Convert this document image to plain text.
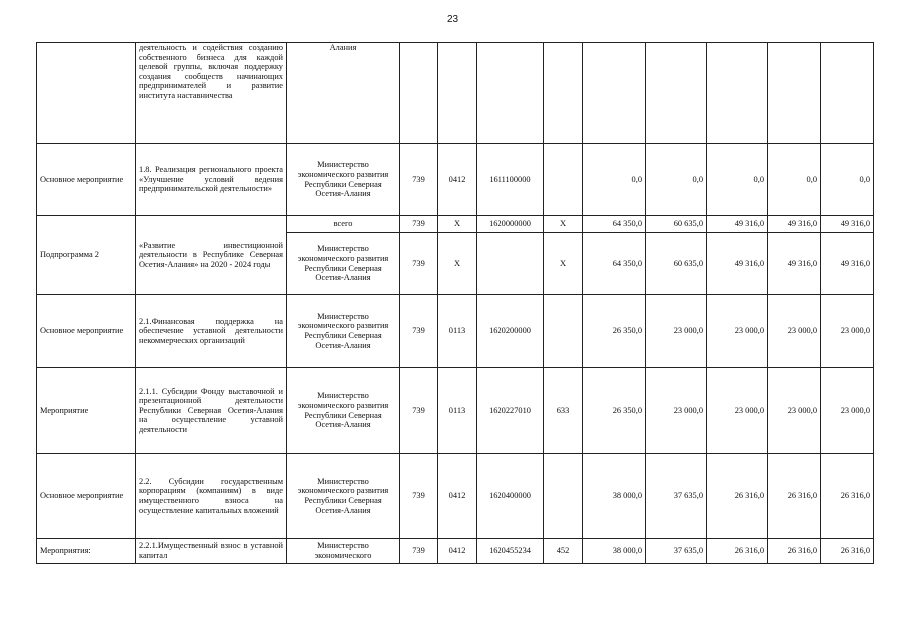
23
	деятельность и содействия созданию собственного бизнеса для каждой целевой группы, включая поддержку создания сообществ начинающих предпринимателей и развитие института наставничества	Алания									
Основное мероприятие	1.8. Реализация регионального проекта «Улучшение условий ведения предпринимательской деятельности»	Министерство экономического развития Республики Северная Осетия-Алания	739	0412	1611100000		0,0	0,0	0,0	0,0	0,0
Подпрограмма 2	«Развитие инвестиционной деятельности в Республике Северная Осетия-Алания» на 2020 - 2024 годы	всего	739	Х	1620000000	Х	64 350,0	60 635,0	49 316,0	49 316,0	49 316,0
		Министерство экономического развития Республики Северная Осетия-Алания	739	Х		Х	64 350,0	60 635,0	49 316,0	49 316,0	49 316,0
Основное мероприятие	2.1.Финансовая поддержка на обеспечение уставной деятельности некоммерческих организаций	Министерство экономического развития Республики Северная Осетия-Алания	739	0113	1620200000		26 350,0	23 000,0	23 000,0	23 000,0	23 000,0
Мероприятие	2.1.1. Субсидии Фонду выставочной и презентационной деятельности Республики Северная Осетия-Алания на осуществление уставной деятельности	Министерство экономического развития Республики Северная Осетия-Алания	739	0113	1620227010	633	26 350,0	23 000,0	23 000,0	23 000,0	23 000,0
Основное мероприятие	2.2. Субсидии государственным корпорациям (компаниям) в виде имущественного взноса на осуществление капитальных вложений	Министерство экономического развития Республики Северная Осетия-Алания	739	0412	1620400000		38 000,0	37 635,0	26 316,0	26 316,0	26 316,0
Мероприятия:	2.2.1.Имущественный взнос в уставной капитал	Министерство экономического	739	0412	1620455234	452	38 000,0	37 635,0	26 316,0	26 316,0	26 316,0
